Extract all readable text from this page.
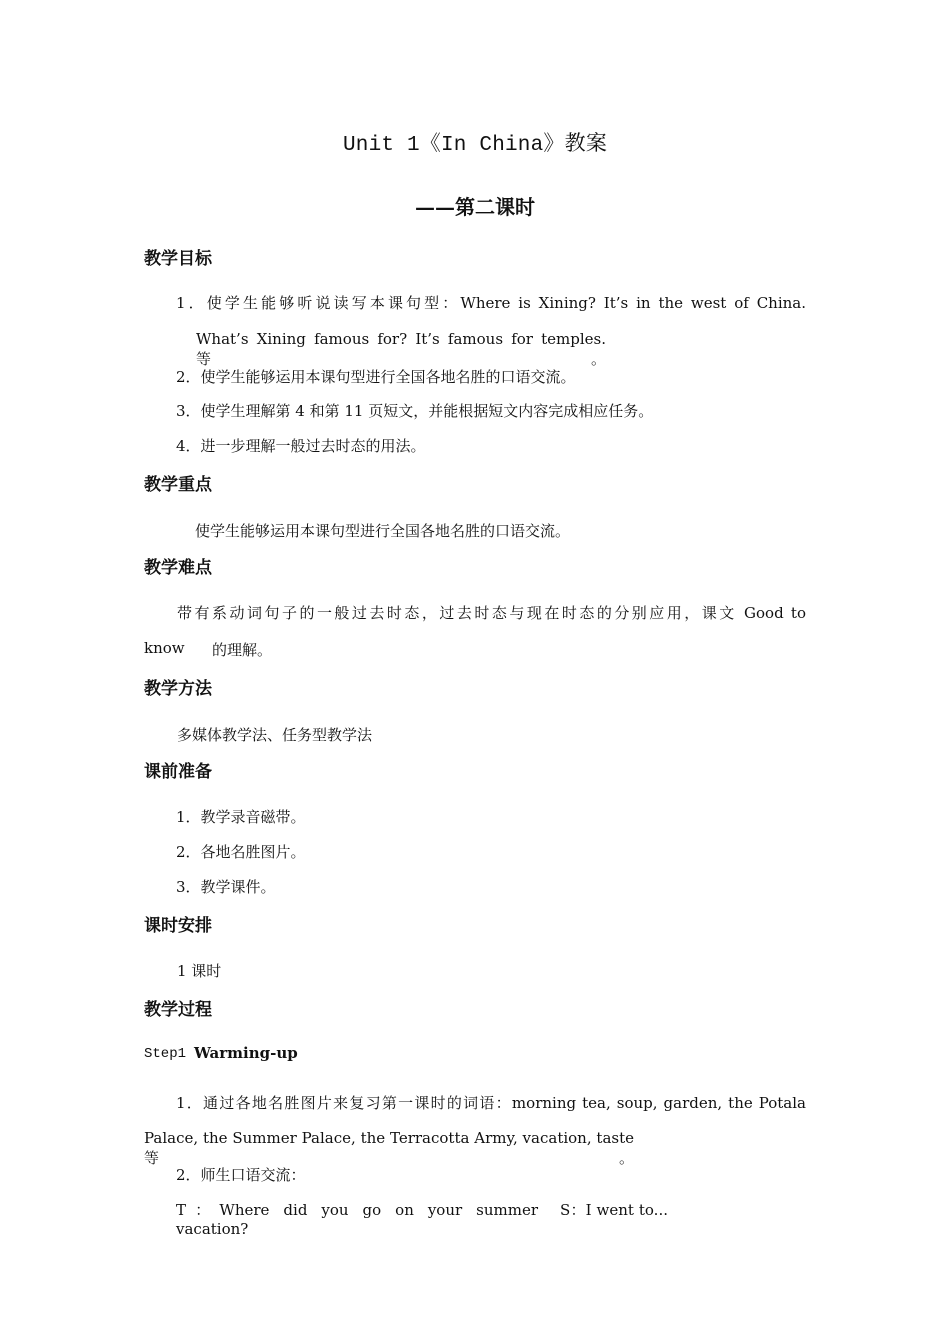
Unit 1《In China》教案
——第二课时
教学目标
1．使学生能够听说读写本课句型：Where is Xining? It’s in the west of China.
What’s Xining famous for? It’s famous for temples.等。
2．使学生能够运用本课句型进行全国各地名胜的口语交流。
3．使学生理解第 4 和第 11 页短文，并能根据短文内容完成相应任务。
4．进一步理解一般过去时态的用法。
教学重点
使学生能够运用本课句型进行全国各地名胜的口语交流。
教学难点
带有系动词句子的一般过去时态，过去时态与现在时态的分别应用，课文 Good to
know 的理解。
教学方法
多媒体教学法、任务型教学法
课前准备
1．教学录音磁带。
2．各地名胜图片。
3．教学课件。
课时安排
1 课时
教学过程
Step1 Warming-up
1．通过各地名胜图片来复习第一课时的词语：morning tea, soup, garden, the Potala
Palace, the Summer Palace, the Terracotta Army, vacation, taste 等。
2．师生口语交流：
T：Where did you go on your summer vacation?
S：I went to...
